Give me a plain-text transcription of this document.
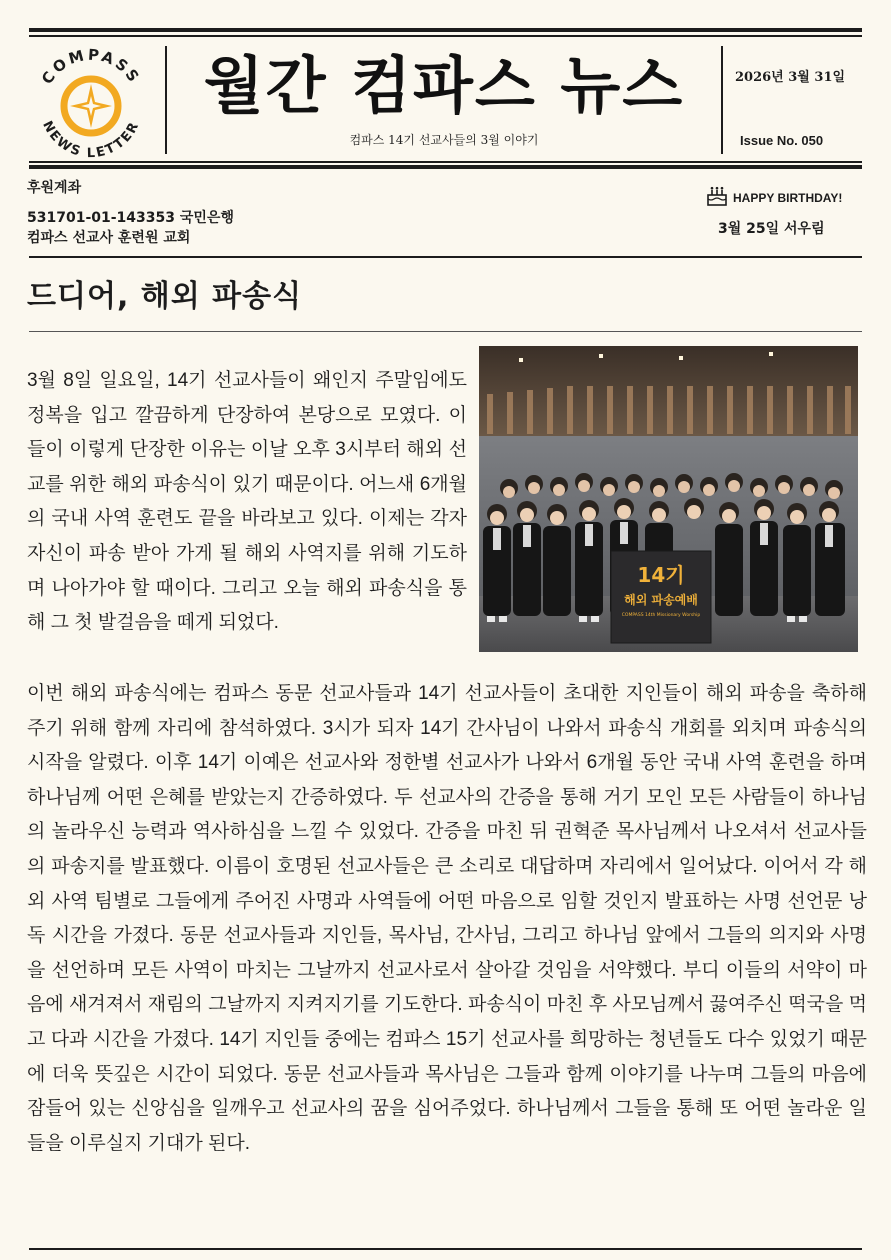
COMPASS
NEWS LETTER
월간 컴파스 뉴스
컴파스 14기 선교사들의 3월 이야기
2026년 3월 31일
Issue No. 050
후원계좌
531701-01-143353 국민은행
컴파스 선교사 훈련원 교회
HAPPY BIRTHDAY!
3월 25일 서우림
드디어, 해외 파송식

3월 8일 일요일, 14기 선교사들이 왜인지 주말임에도 정복을 입고 깔끔하게 단장하여 본당으로 모였다. 이들이 이렇게 단장한 이유는 이날 오후 3시부터 해외 선교를 위한 해외 파송식이 있기 때문이다. 어느새 6개월의 국내 사역 훈련도 끝을 바라보고 있다. 이제는 각자 자신이 파송 받아 가게 될 해외 사역지를 위해 기도하며 나아가야 할 때이다. 그리고 오늘 해외 파송식을 통해 그 첫 발걸음을 떼게 되었다.

14기
해외 파송예배
COMPASS 14th Missionary Worship

이번 해외 파송식에는 컴파스 동문 선교사들과 14기 선교사들이 초대한 지인들이 해외 파송을 축하해 주기 위해 함께 자리에 참석하였다. 3시가 되자 14기 간사님이 나와서 파송식 개회를 외치며 파송식의 시작을 알렸다. 이후 14기 이예은 선교사와 정한별 선교사가 나와서 6개월 동안 국내 사역 훈련을 하며 하나님께 어떤 은혜를 받았는지 간증하였다. 두 선교사의 간증을 통해 거기 모인 모든 사람들이 하나님의 놀라우신 능력과 역사하심을 느낄 수 있었다. 간증을 마친 뒤 권혁준 목사님께서 나오셔서 선교사들의 파송지를 발표했다. 이름이 호명된 선교사들은 큰 소리로 대답하며 자리에서 일어났다. 이어서 각 해외 사역 팀별로 그들에게 주어진 사명과 사역들에 어떤 마음으로 임할 것인지 발표하는 사명 선언문 낭독 시간을 가졌다. 동문 선교사들과 지인들, 목사님, 간사님, 그리고 하나님 앞에서 그들의 의지와 사명을 선언하며 모든 사역이 마치는 그날까지 선교사로서 살아갈 것임을 서약했다. 부디 이들의 서약이 마음에 새겨져서 재림의 그날까지 지켜지기를 기도한다. 파송식이 마친 후 사모님께서 끓여주신 떡국을 먹고 다과 시간을 가졌다. 14기 지인들 중에는 컴파스 15기 선교사를 희망하는 청년들도 다수 있었기 때문에 더욱 뜻깊은 시간이 되었다. 동문 선교사들과 목사님은 그들과 함께 이야기를 나누며 그들의 마음에 잠들어 있는 신앙심을 일깨우고 선교사의 꿈을 심어주었다. 하나님께서 그들을 통해 또 어떤 놀라운 일들을 이루실지 기대가 된다.
